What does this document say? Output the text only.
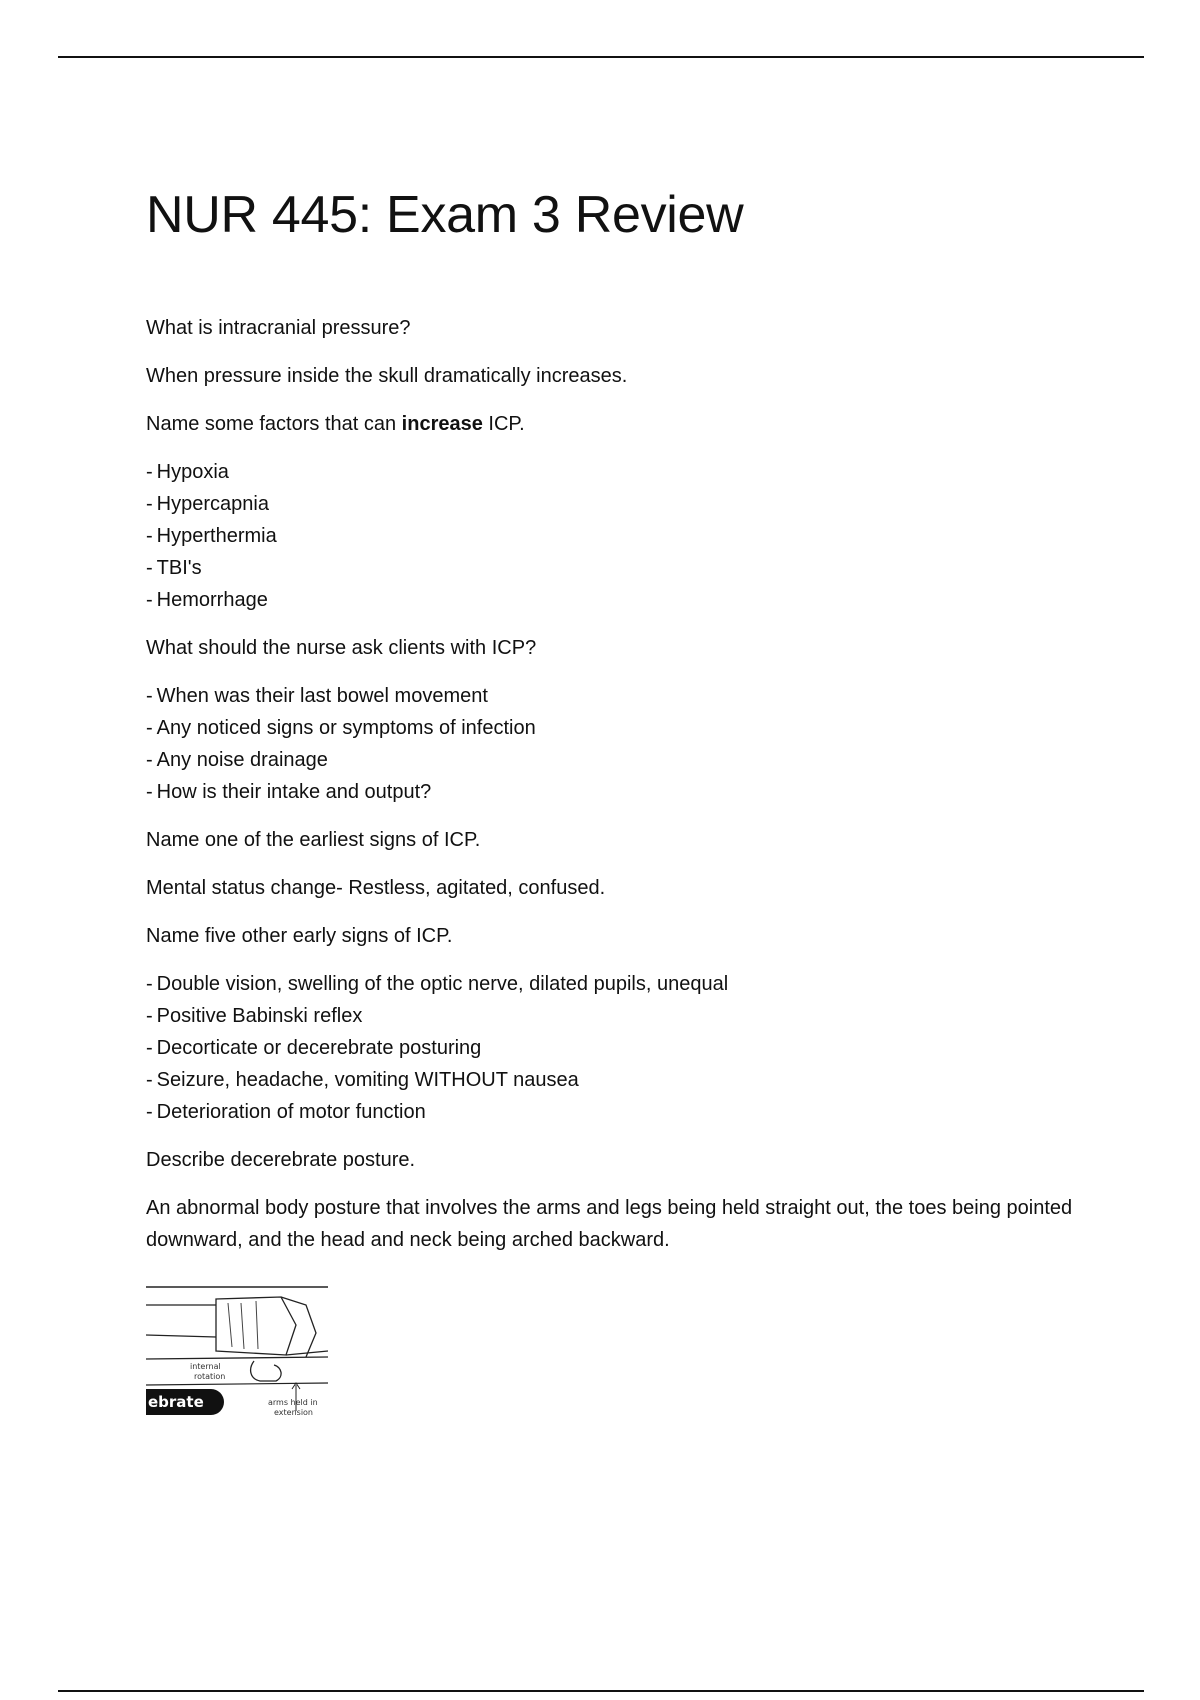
NUR 445: Exam 3 Review

What is intracranial pressure?

When pressure inside the skull dramatically increases.

Name some factors that can increase ICP.

- Hypoxia
- Hypercapnia
- Hyperthermia
- TBI's
- Hemorrhage

What should the nurse ask clients with ICP?

- When was their last bowel movement
- Any noticed signs or symptoms of infection
- Any noise drainage
- How is their intake and output?

Name one of the earliest signs of ICP.

Mental status change- Restless, agitated, confused.

Name five other early signs of ICP.

- Double vision, swelling of the optic nerve, dilated pupils, unequal
- Positive Babinski reflex
- Decorticate or decerebrate posturing
- Seizure, headache, vomiting WITHOUT nausea
- Deterioration of motor function

Describe decerebrate posture.

An abnormal body posture that involves the arms and legs being held straight out, the toes being pointed downward, and the head and neck being arched backward.

internal
rotation
ebrate	arms held in
extension
